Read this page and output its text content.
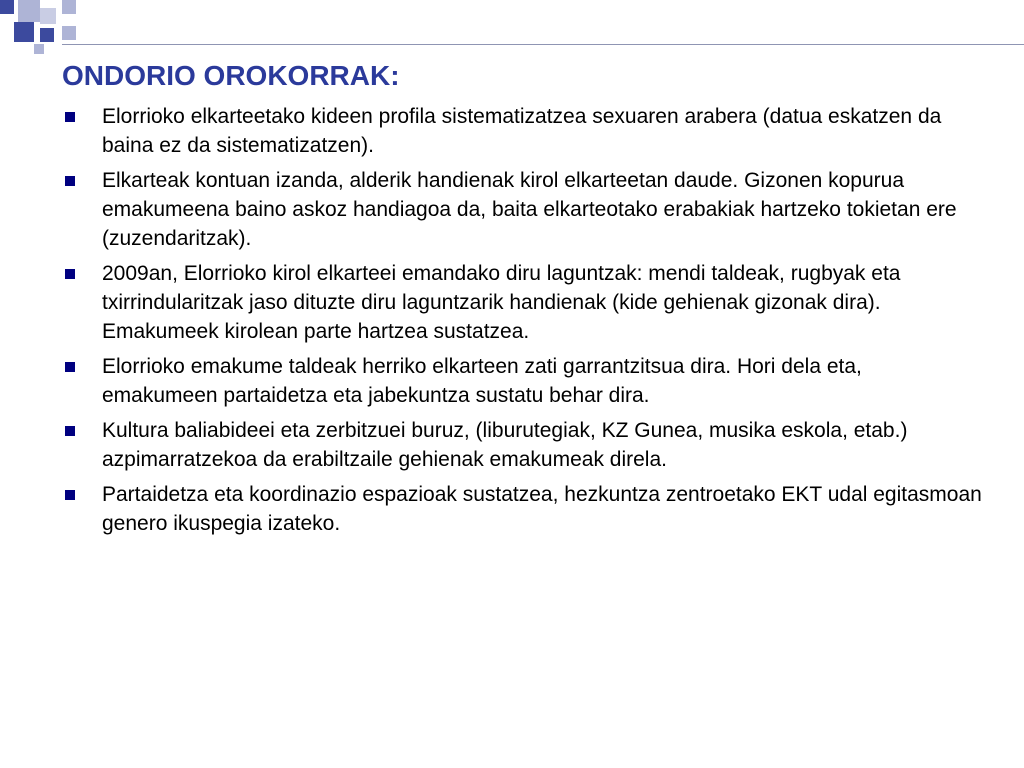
ONDORIO OROKORRAK:
Elorrioko elkarteetako kideen profila sistematizatzea sexuaren arabera (datua eskatzen da baina ez da sistematizatzen).
Elkarteak kontuan izanda, alderik handienak kirol elkarteetan daude. Gizonen kopurua emakumeena baino askoz handiagoa da, baita elkarteotako erabakiak hartzeko tokietan ere (zuzendaritzak).
2009an, Elorrioko kirol elkarteei emandako diru laguntzak: mendi taldeak, rugbyak eta txirrindularitzak jaso dituzte diru laguntzarik handienak (kide gehienak gizonak dira). Emakumeek kirolean parte hartzea sustatzea.
Elorrioko emakume taldeak herriko elkarteen zati garrantzitsua dira. Hori dela eta, emakumeen partaidetza eta jabekuntza sustatu behar dira.
Kultura baliabideei eta zerbitzuei buruz, (liburutegiak, KZ Gunea, musika eskola, etab.) azpimarratzekoa da erabiltzaile gehienak emakumeak direla.
Partaidetza eta koordinazio espazioak sustatzea, hezkuntza zentroetako EKT udal egitasmoan genero ikuspegia izateko.
